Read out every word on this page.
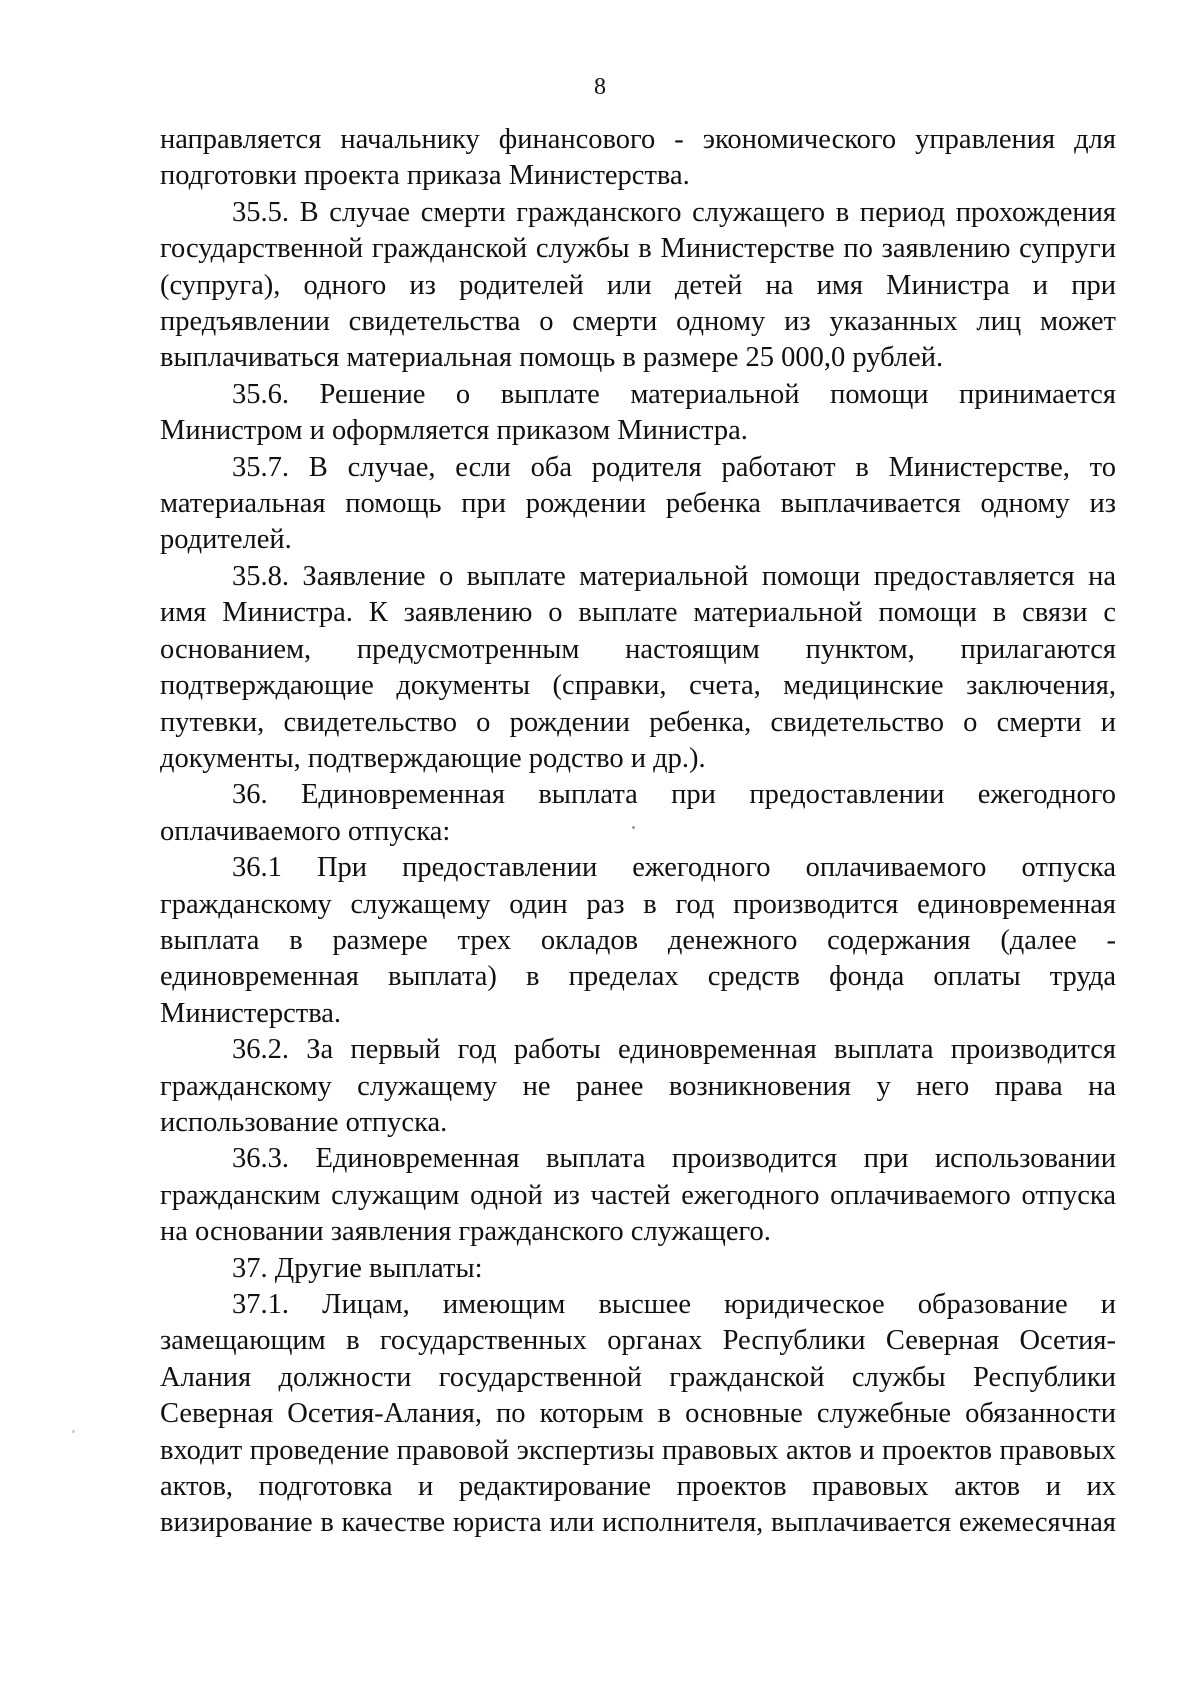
8

направляется начальнику финансового - экономического управления для подготовки проекта приказа Министерства.

35.5. В случае смерти гражданского служащего в период прохождения государственной гражданской службы в Министерстве по заявлению супруги (супруга), одного из родителей или детей на имя Министра и при предъявлении свидетельства о смерти одному из указанных лиц может выплачиваться материальная помощь в размере 25 000,0 рублей.

35.6. Решение о выплате материальной помощи принимается Министром и оформляется приказом Министра.

35.7. В случае, если оба родителя работают в Министерстве, то материальная помощь при рождении ребенка выплачивается одному из родителей.

35.8. Заявление о выплате материальной помощи предоставляется на имя Министра. К заявлению о выплате материальной помощи в связи с основанием, предусмотренным настоящим пунктом, прилагаются подтверждающие документы (справки, счета, медицинские заключения, путевки, свидетельство о рождении ребенка, свидетельство о смерти и документы, подтверждающие родство и др.).

36. Единовременная выплата при предоставлении ежегодного оплачиваемого отпуска:

36.1 При предоставлении ежегодного оплачиваемого отпуска гражданскому служащему один раз в год производится единовременная выплата в размере трех окладов денежного содержания (далее - единовременная выплата) в пределах средств фонда оплаты труда Министерства.

36.2. За первый год работы единовременная выплата производится гражданскому служащему не ранее возникновения у него права на использование отпуска.

36.3. Единовременная выплата производится при использовании гражданским служащим одной из частей ежегодного оплачиваемого отпуска на основании заявления гражданского служащего.

37. Другие выплаты:

37.1. Лицам, имеющим высшее юридическое образование и замещающим в государственных органах Республики Северная Осетия-Алания должности государственной гражданской службы Республики Северная Осетия-Алания, по которым в основные служебные обязанности входит проведение правовой экспертизы правовых актов и проектов правовых актов, подготовка и редактирование проектов правовых актов и их визирование в качестве юриста или исполнителя, выплачивается ежемесячная
